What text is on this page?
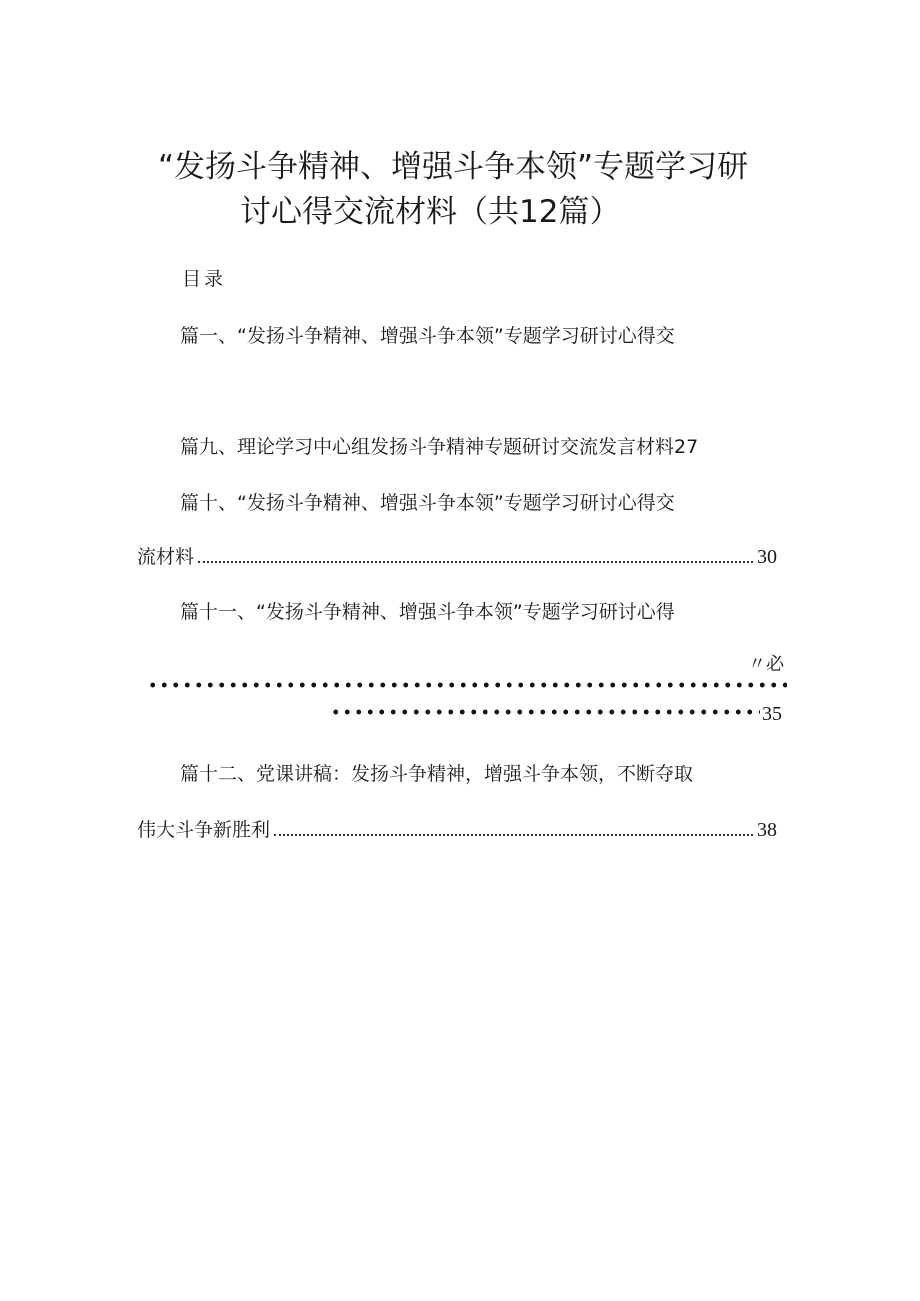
“发扬斗争精神、增强斗争本领”专题学习研
讨心得交流材料（共12篇）
目录
篇一、“发扬斗争精神、增强斗争本领”专题学习研讨心得交
篇九、理论学习中心组发扬斗争精神专题研讨交流发言材料27
篇十、“发扬斗争精神、增强斗争本领”专题学习研讨心得交
流材料	30
篇十一、“发扬斗争精神、增强斗争本领”专题学习研讨心得
〃必
35
篇十二、党课讲稿：发扬斗争精神，增强斗争本领，不断夺取
伟大斗争新胜利	38
